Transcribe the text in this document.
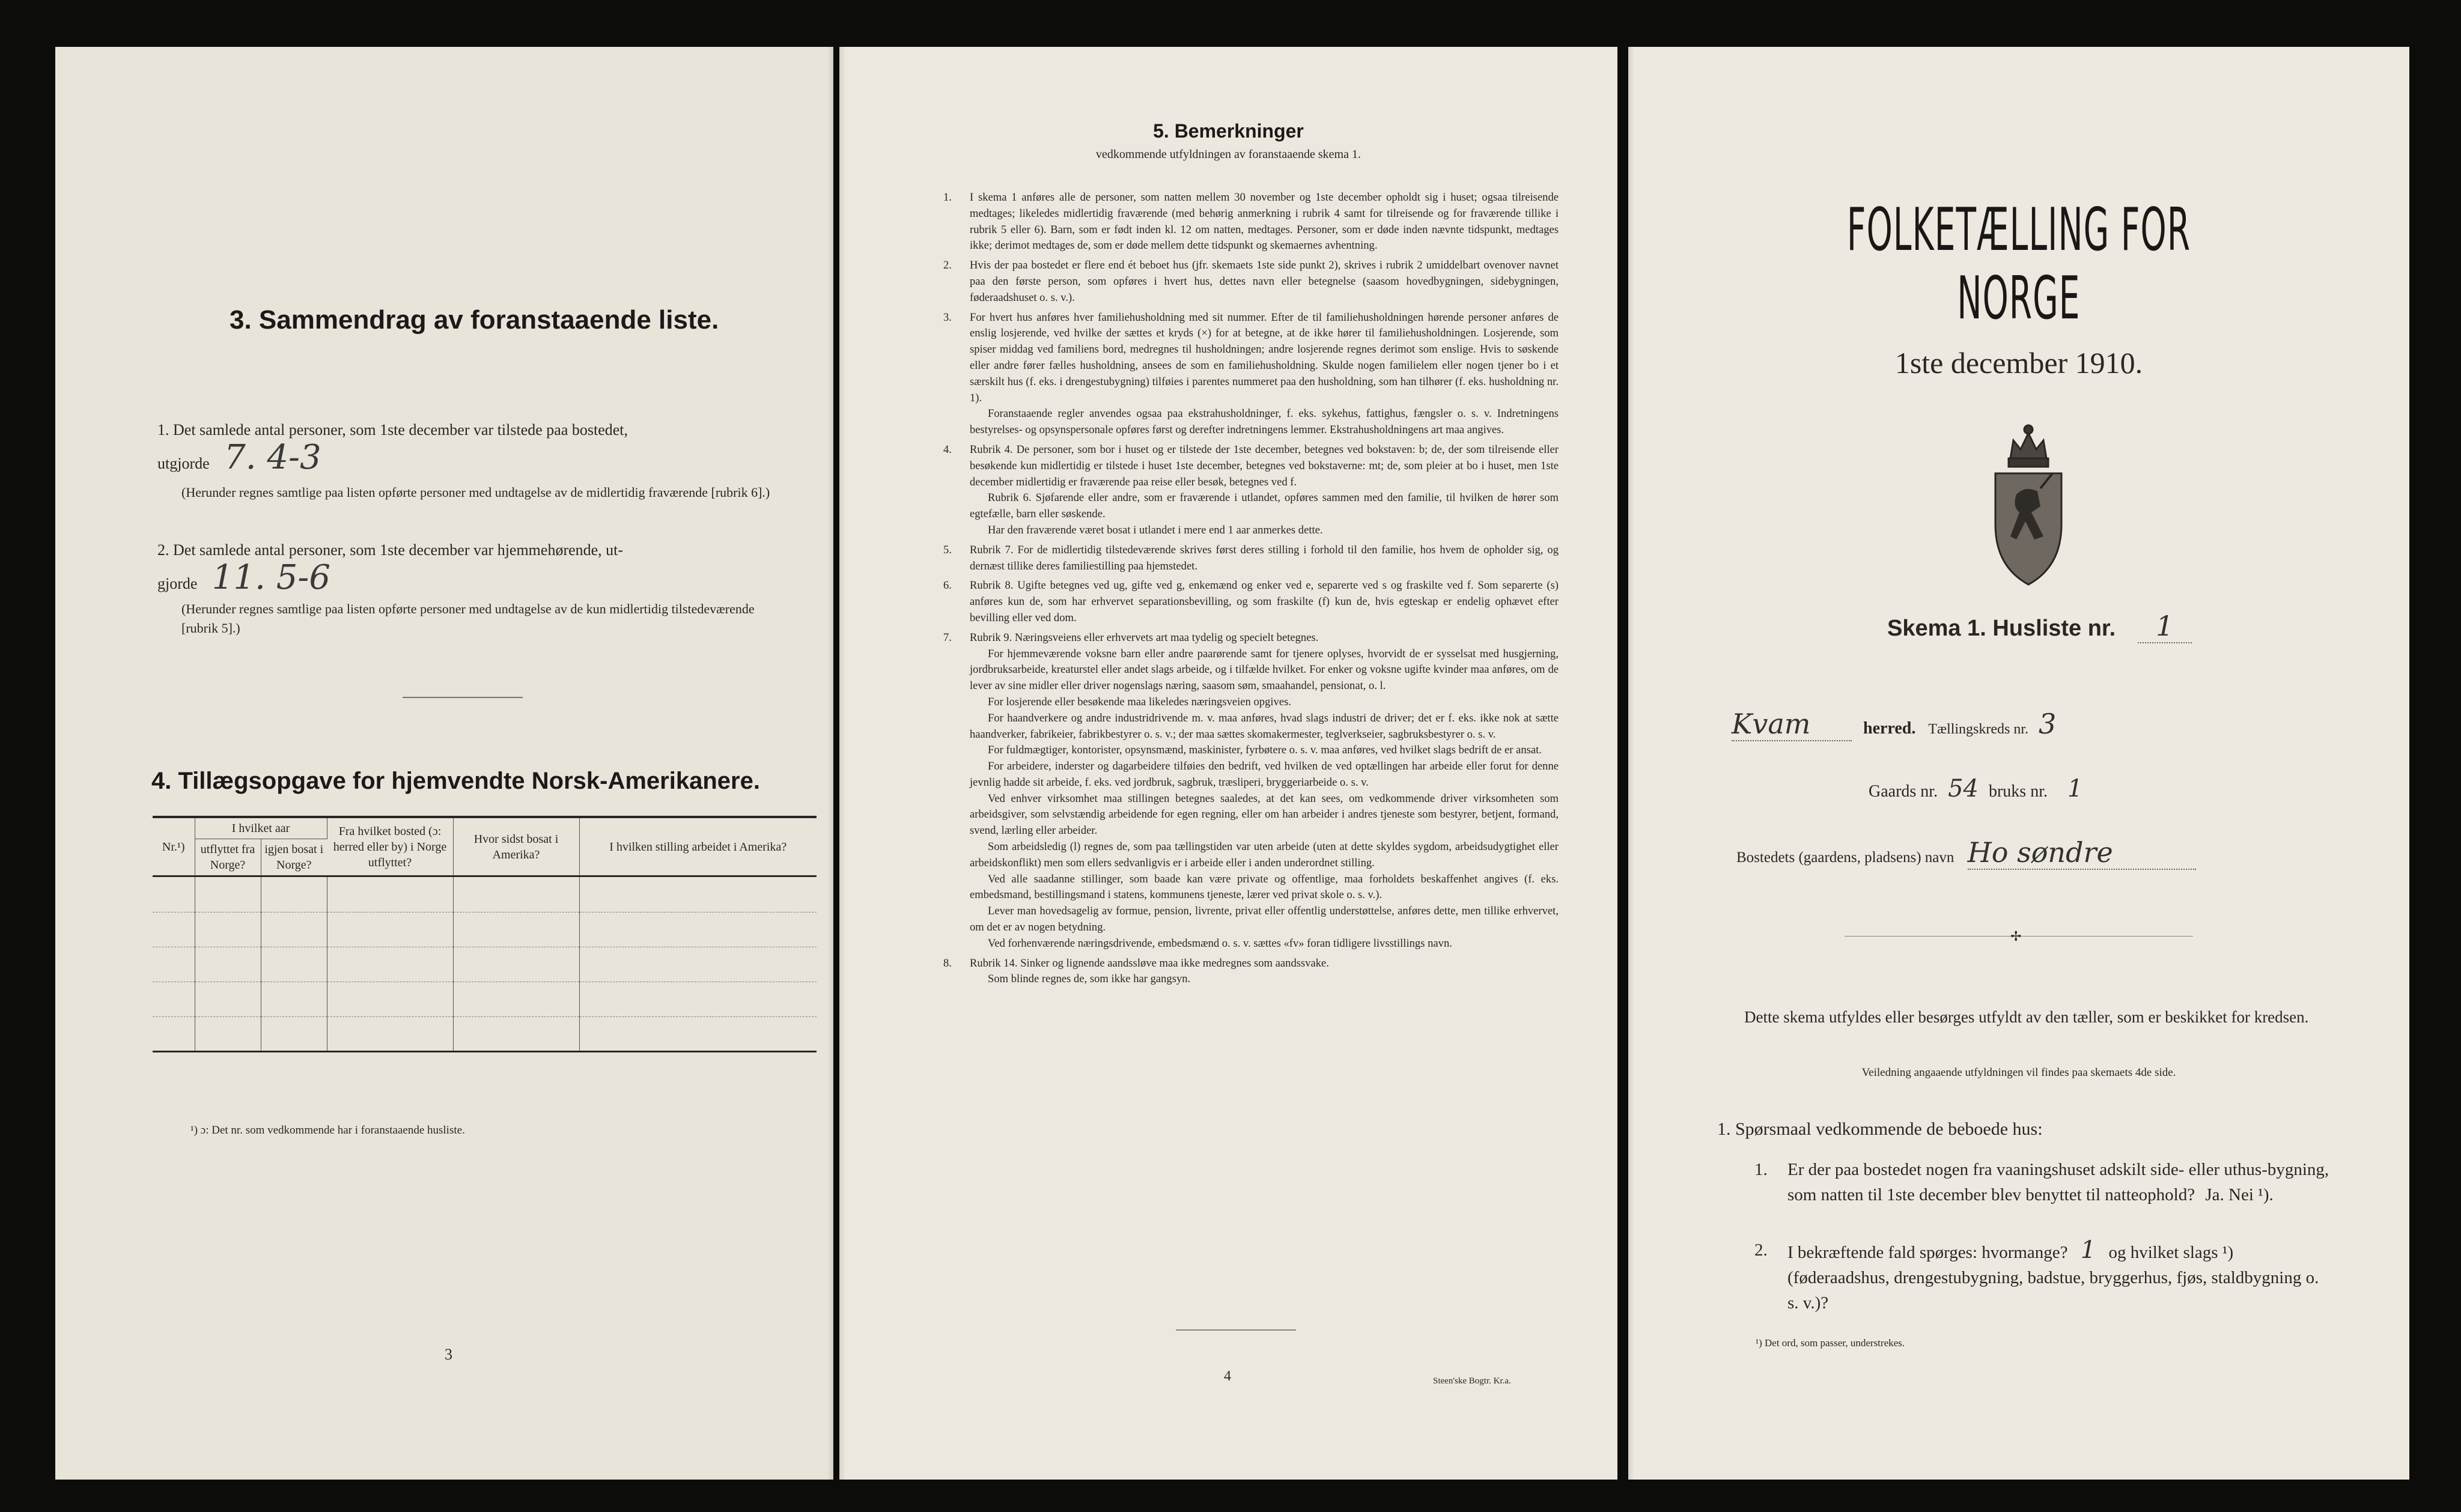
3. Sammendrag av foranstaaende liste.
1. Det samlede antal personer, som 1ste december var tilstede paa bostedet,
utgjorde 7. 4-3
(Herunder regnes samtlige paa listen opførte personer med undtagelse av de midlertidig fraværende [rubrik 6].)
2. Det samlede antal personer, som 1ste december var hjemmehørende, ut-
gjorde 11. 5-6
(Herunder regnes samtlige paa listen opførte personer med undtagelse av de kun midlertidig tilstedeværende [rubrik 5].)
4. Tillægsopgave for hjemvendte Norsk-Amerikanere.
Nr.¹)	I hvilket aar		Fra hvilket bosted (ɔ: herred eller by) i Norge utflyttet?	Hvor sidst bosat i Amerika?	I hvilken stilling arbeidet i Amerika?
	utflyttet fra Norge?	igjen bosat i Norge?			

¹) ɔ: Det nr. som vedkommende har i foranstaaende husliste.
3
5. Bemerkninger
vedkommende utfyldningen av foranstaaende skema 1.
1. I skema 1 anføres alle de personer, som natten mellem 30 november og 1ste december opholdt sig i huset; ogsaa tilreisende medtages; likeledes midlertidig fraværende (med behørig anmerkning i rubrik 4 samt for tilreisende og for fraværende tillike i rubrik 5 eller 6). Barn, som er født inden kl. 12 om natten, medtages. Personer, som er døde inden nævnte tidspunkt, medtages ikke; derimot medtages de, som er døde mellem dette tidspunkt og skemaernes avhentning.
2. Hvis der paa bostedet er flere end ét beboet hus (jfr. skemaets 1ste side punkt 2), skrives i rubrik 2 umiddelbart ovenover navnet paa den første person, som opføres i hvert hus, dettes navn eller betegnelse (saasom hovedbygningen, sidebygningen, føderaadshuset o. s. v.).
3. For hvert hus anføres hver familiehusholdning med sit nummer. Efter de til familiehusholdningen hørende personer anføres de enslig losjerende, ved hvilke der sættes et kryds (×) for at betegne, at de ikke hører til familiehusholdningen. Losjerende, som spiser middag ved familiens bord, medregnes til husholdningen; andre losjerende regnes derimot som enslige. Hvis to søskende eller andre fører fælles husholdning, ansees de som en familiehusholdning. Skulde nogen familielem eller nogen tjener bo i et særskilt hus (f. eks. i drengestubygning) tilføies i parentes nummeret paa den husholdning, som han tilhører (f. eks. husholdning nr. 1).
Foranstaaende regler anvendes ogsaa paa ekstrahusholdninger, f. eks. sykehus, fattighus, fængsler o. s. v. Indretningens bestyrelses- og opsynspersonale opføres først og derefter indretningens lemmer. Ekstrahusholdningens art maa angives.
4. Rubrik 4. De personer, som bor i huset og er tilstede der 1ste december, betegnes ved bokstaven: b; de, der som tilreisende eller besøkende kun midlertidig er tilstede i huset 1ste december, betegnes ved bokstaverne: mt; de, som pleier at bo i huset, men 1ste december midlertidig er fraværende paa reise eller besøk, betegnes ved f.
Rubrik 6. Sjøfarende eller andre, som er fraværende i utlandet, opføres sammen med den familie, til hvilken de hører som egtefælle, barn eller søskende.
Har den fraværende været bosat i utlandet i mere end 1 aar anmerkes dette.
5. Rubrik 7. For de midlertidig tilstedeværende skrives først deres stilling i forhold til den familie, hos hvem de opholder sig, og dernæst tillike deres familiestilling paa hjemstedet.
6. Rubrik 8. Ugifte betegnes ved ug, gifte ved g, enkemænd og enker ved e, separerte ved s og fraskilte ved f. Som separerte (s) anføres kun de, som har erhvervet separationsbevilling, og som fraskilte (f) kun de, hvis egteskap er endelig ophævet efter bevilling eller ved dom.
7. Rubrik 9. Næringsveiens eller erhvervets art maa tydelig og specielt betegnes.
For hjemmeværende voksne barn eller andre paarørende samt for tjenere oplyses, hvorvidt de er sysselsat med husgjerning, jordbruksarbeide, kreaturstel eller andet slags arbeide, og i tilfælde hvilket. For enker og voksne ugifte kvinder maa anføres, om de lever av sine midler eller driver nogenslags næring, saasom søm, smaahandel, pensionat, o. l.
For losjerende eller besøkende maa likeledes næringsveien opgives.
For haandverkere og andre industridrivende m. v. maa anføres, hvad slags industri de driver; det er f. eks. ikke nok at sætte haandverker, fabrikeier, fabrikbestyrer o. s. v.; der maa sættes skomakermester, teglverkseier, sagbruksbestyrer o. s. v.
For fuldmægtiger, kontorister, opsynsmænd, maskinister, fyrbøtere o. s. v. maa anføres, ved hvilket slags bedrift de er ansat.
For arbeidere, inderster og dagarbeidere tilføies den bedrift, ved hvilken de ved optællingen har arbeide eller forut for denne jevnlig hadde sit arbeide, f. eks. ved jordbruk, sagbruk, træsliperi, bryggeriarbeide o. s. v.
Ved enhver virksomhet maa stillingen betegnes saaledes, at det kan sees, om vedkommende driver virksomheten som arbeidsgiver, som selvstændig arbeidende for egen regning, eller om han arbeider i andres tjeneste som bestyrer, betjent, formand, svend, lærling eller arbeider.
Som arbeidsledig (l) regnes de, som paa tællingstiden var uten arbeide (uten at dette skyldes sygdom, arbeidsudygtighet eller arbeidskonflikt) men som ellers sedvanligvis er i arbeide eller i anden underordnet stilling.
Ved alle saadanne stillinger, som baade kan være private og offentlige, maa forholdets beskaffenhet angives (f. eks. embedsmand, bestillingsmand i statens, kommunens tjeneste, lærer ved privat skole o. s. v.).
Lever man hovedsagelig av formue, pension, livrente, privat eller offentlig understøttelse, anføres dette, men tillike erhvervet, om det er av nogen betydning.
Ved forhenværende næringsdrivende, embedsmænd o. s. v. sættes «fv» foran tidligere livsstillings navn.
8. Rubrik 14. Sinker og lignende aandssløve maa ikke medregnes som aandssvake.
Som blinde regnes de, som ikke har gangsyn.
4	Steen'ske Bogtr. Kr.a.
FOLKETÆLLING FOR NORGE
1ste december 1910.
Skema 1. Husliste nr. 1
Kvam	herred. Tællingskreds nr. 3
Gaards nr. 54 bruks nr. 1
Bostedets (gaardens, pladsens) navn Ho søndre
✢
Dette skema utfyldes eller besørges utfyldt av den tæller, som er beskikket for kredsen.
Veiledning angaaende utfyldningen vil findes paa skemaets 4de side.
1. Spørsmaal vedkommende de beboede hus:
1. Er der paa bostedet nogen fra vaaningshuset adskilt side- eller uthus-bygning, som natten til 1ste december blev benyttet til natteophold? Ja. Nei ¹).
2. I bekræftende fald spørges: hvormange? 1 og hvilket slags ¹) (føderaadshus, drengestubygning, badstue, bryggerhus, fjøs, staldbygning o. s. v.)?
¹) Det ord, som passer, understrekes.
